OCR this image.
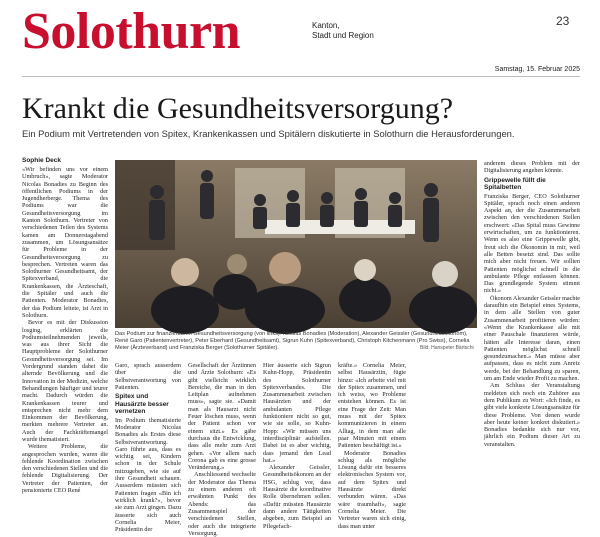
Solothurn	Kanton,
Stadt und Region
23
Samstag, 15. Februar 2025
Krankt die Gesundheitsversorgung?
Ein Podium mit Vertretenden von Spitex, Krankenkassen und Spitälern diskutierte in Solothurn die Herausforderungen.
Sophie Deck

«Wir befinden uns vor einem Umbruch», sagte Moderator Nicolas Bonadies zu Beginn des öffentlichen Podiums in der Jugendherberge. Thema des Podiums war die Gesundheitsversorgung im Kanton Solothurn. Vertreter von verschiedenen Teilen des Systems kamen am Donnerstagabend zusammen, um Lösungsansätze für Probleme in der Gesundheitsversorgung zu besprechen. Vertreten waren das Solothurner Gesundheitsamt, der Spitexverband, die Krankenkassen, die Ärzteschaft, die Spitäler und auch die Patienten. Moderator Bonadies, der das Podium leitete, ist Arzt in Solothurn.

Bevor es mit der Diskussion losging, erklärten die Podiumsteilnehmenden jeweils, was aus ihrer Sicht die Hauptprobleme der Solothurner Gesundheitsversorgung sei. Im Vordergrund standen dabei die alternde Bevölkerung und die Innovation in der Medizin, welche Behandlungen häufiger und teurer macht. Dadurch würden die Krankenkassen teurer und entsprechen nicht mehr dem Einkommen der Bevölkerung, merkten mehrere Vertreter an. Auch der Fachkräftemangel wurde thematisiert.

Weitere Probleme, die angesprochen wurden, waren die fehlende Koordination zwischen den verschiedenen Stellen und die fehlende Digitalisierung. Der Vertreter der Patienten, der pensionierte CEO René

Das Podium zur finanzierbaren Gesundheitsversorgung (von links): Nicolas Bonadies (Moderation), Alexander Geissler (Gesundheitsökonom), René Garo (Patientenvertreter), Peter Eberhard (Gesundheitsamt), Sigrun Kuhn (Spitexverband), Christoph Kitchenmann (Pro Swiss), Cornelia Meier (Ärzteverband) und Franziska Berger (Solothurner Spitäler).	Bild: Hanspeter Bärtschi

Garo, sprach ausserdem über die Selbstverantwortung von Patienten.

Spitex und Hausärzte besser vernetzen

Im Podium thematisierte Moderator Nicolas Bonadies als Erstes diese Selbstverantwortung. Garo führte aus, dass es wichtig sei, Kindern schon in der Schule mitzugeben, wie sie auf ihre Gesundheit schauen. Ausserdem müssten sich Patienten fragen «Bin ich wirklich krank?», bevor sie zum Arzt gingen. Dazu äusserte sich auch Cornelia Meier, Präsidentin der

Gesellschaft der Ärztinnen und Ärzte Solothurn: «Es gibt vielleicht wirklich Bereiche, die man in den Leitplan aufnehmen muss», sagte sie. «Damit man als Hausarzt nicht Feuer löschen muss, wenn der Patient schon vor einem sitzt.» Es gäbe durchaus die Entwicklung, dass alle mehr zum Arzt gehen. «Vor allem nach Corona gab es eine grosse Veränderung.»

Anschliessend wechselte der Moderator das Thema zu einem anderen oft erwähnten Punkt des Abends: das Zusammenspiel der verschiedenen Stellen, oder auch die integrierte Versorgung.

Hier äusserte sich Sigrun Kuhn-Hopp, Präsidentin des Solothurner Spitexverbandes. Die Zusammenarbeit zwischen Hausärzten und der ambulanten Pflege funktioniere nicht so gut, wie sie solle, so Kuhn-Hopp: «Wir müssen uns interdisziplinär aufstellen. Dabei ist es aber wichtig, dass jemand den Lead hat.»

Alexander Geissler, Gesundheitsökonom an der HSG, schlug vor, dass Hausärzte die koordinative Rolle übernehmen sollen. «Dafür müssten Hausärzte dann andere Tätigkeiten abgeben, zum Beispiel an Pflegefach-

kräfte.» Cornelia Meier, selbst Hausärztin, fügte hinzu: «Ich arbeite viel mit der Spitex zusammen, und ich weiss, wo Probleme entstehen können. Es ist eine Frage der Zeit: Man muss mit der Spitex kommunizieren in einem Alltag, in dem man alle paar Minuten mit einem Patienten beschäftigt ist.»

Moderator Bonadies schlug als mögliche Lösung dafür ein besseres elektronisches System vor, auf dem Spitex und Hausärzte direkt verbunden wären. «Das wäre traumhaft», sagte Cornelia Meier. Die Vertreter waren sich einig, dass man unter

anderem dieses Problem mit der Digitalisierung angehen könnte.

Grippewelle füllt die Spitalbetten

Franziska Berger, CEO Solothurner Spitäler, sprach noch einen anderen Aspekt an, der die Zusammenarbeit zwischen den verschiedenen Stellen erschwert: «Das Spital muss Gewinne erwirtschaften, um zu funktionieren. Wenn es also eine Grippewelle gibt, freut sich die Ökonomin in mir, weil alle Betten besetzt sind. Das sollte mich aber nicht freuen. Wir sollten Patienten möglichst schnell in die ambulante Pflege entlassen können. Das grundlegende System stimmt nicht.»

Ökonom Alexander Geissler machte daraufhin ein Beispiel eines Systems, in dem alle Stellen von guter Zusammenarbeit profitieren würden: «Wenn die Krankenkasse alle mit einer Pauschale finanzieren würde, hätten alle Interesse daran, einen Patienten möglichst schnell gesundzumachen.» Man müsse aber aufpassen, dass es nicht zum Anreiz werde, bei der Behandlung zu sparen, um am Ende wieder Profit zu machen.

Am Schluss der Veranstaltung meldeten sich noch ein Zuhörer aus dem Publikum zu Wort: «Ich finde, es gibt viele konkrete Lösungsansätze für diese Probleme. Von denen wurde aber heute keiner konkret diskutiert.» Bonadies bedankte sich nur vor, jährlich ein Podium dieser Art zu veranstalten.
